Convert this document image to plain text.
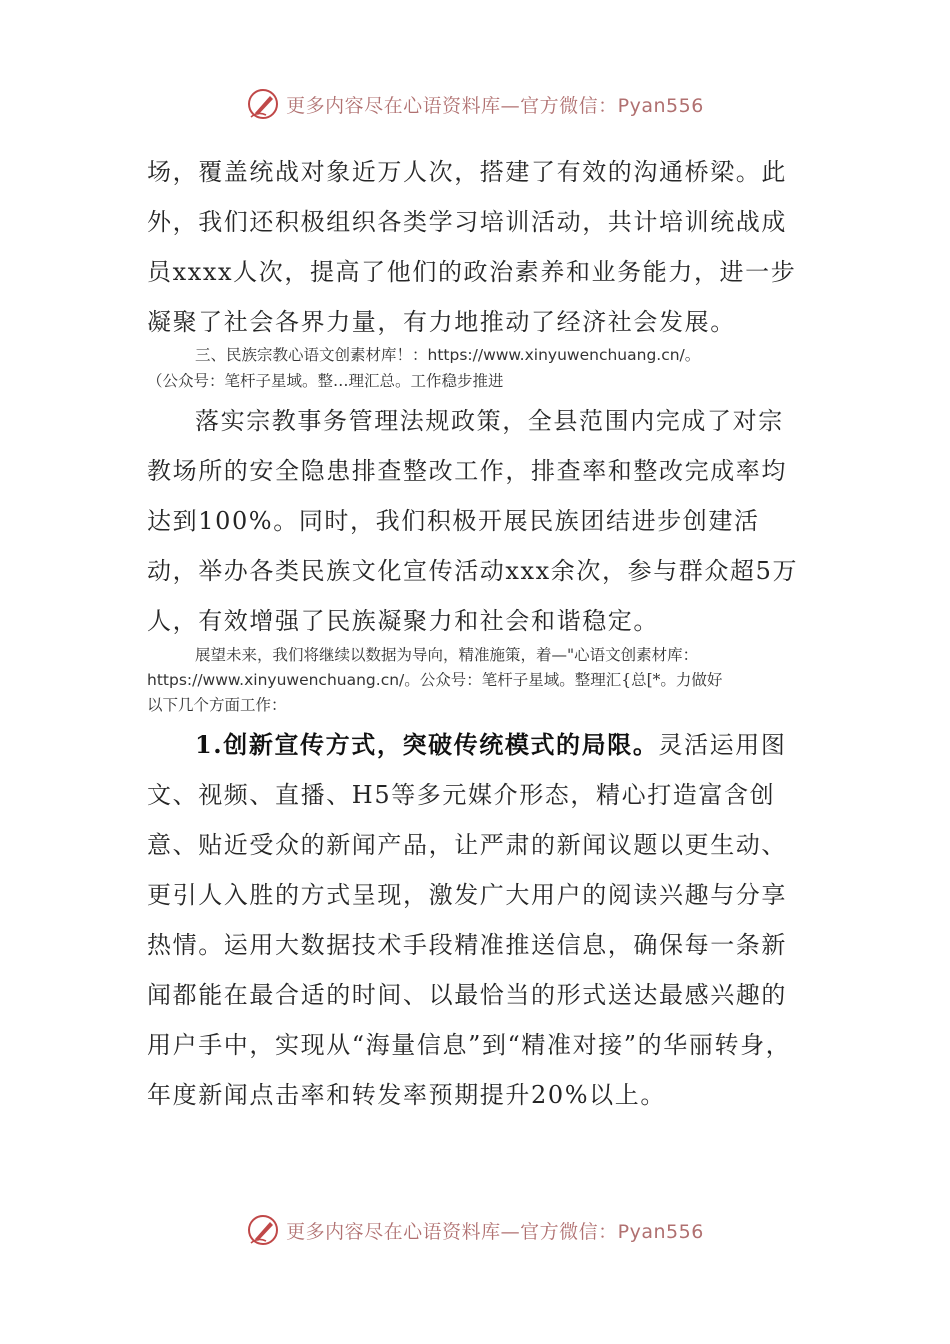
更多内容尽在心语资料库—官方微信：Pyan556

场，覆盖统战对象近万人次，搭建了有效的沟通桥梁。此外，我们还积极组织各类学习培训活动，共计培训统战成员xxxx人次，提高了他们的政治素养和业务能力，进一步凝聚了社会各界力量，有力地推动了经济社会发展。

三、民族宗教心语文创素材库！：https://www.xinyuwenchuang.cn/。

（公众号：笔杆子星域。整…理汇总。工作稳步推进

落实宗教事务管理法规政策，全县范围内完成了对宗教场所的安全隐患排查整改工作，排查率和整改完成率均达到100%。同时，我们积极开展民族团结进步创建活动，举办各类民族文化宣传活动xxx余次，参与群众超5万人，有效增强了民族凝聚力和社会和谐稳定。

展望未来，我们将继续以数据为导向，精准施策，着—"心语文创素材库：

https://www.xinyuwenchuang.cn/。公众号：笔杆子星域。整理汇{总[*。力做好

以下几个方面工作：

1.创新宣传方式，突破传统模式的局限。灵活运用图文、视频、直播、H5等多元媒介形态，精心打造富含创意、贴近受众的新闻产品，让严肃的新闻议题以更生动、更引人入胜的方式呈现，激发广大用户的阅读兴趣与分享热情。运用大数据技术手段精准推送信息，确保每一条新闻都能在最合适的时间、以最恰当的形式送达最感兴趣的用户手中，实现从“海量信息”到“精准对接”的华丽转身，年度新闻点击率和转发率预期提升20%以上。

更多内容尽在心语资料库—官方微信：Pyan556
